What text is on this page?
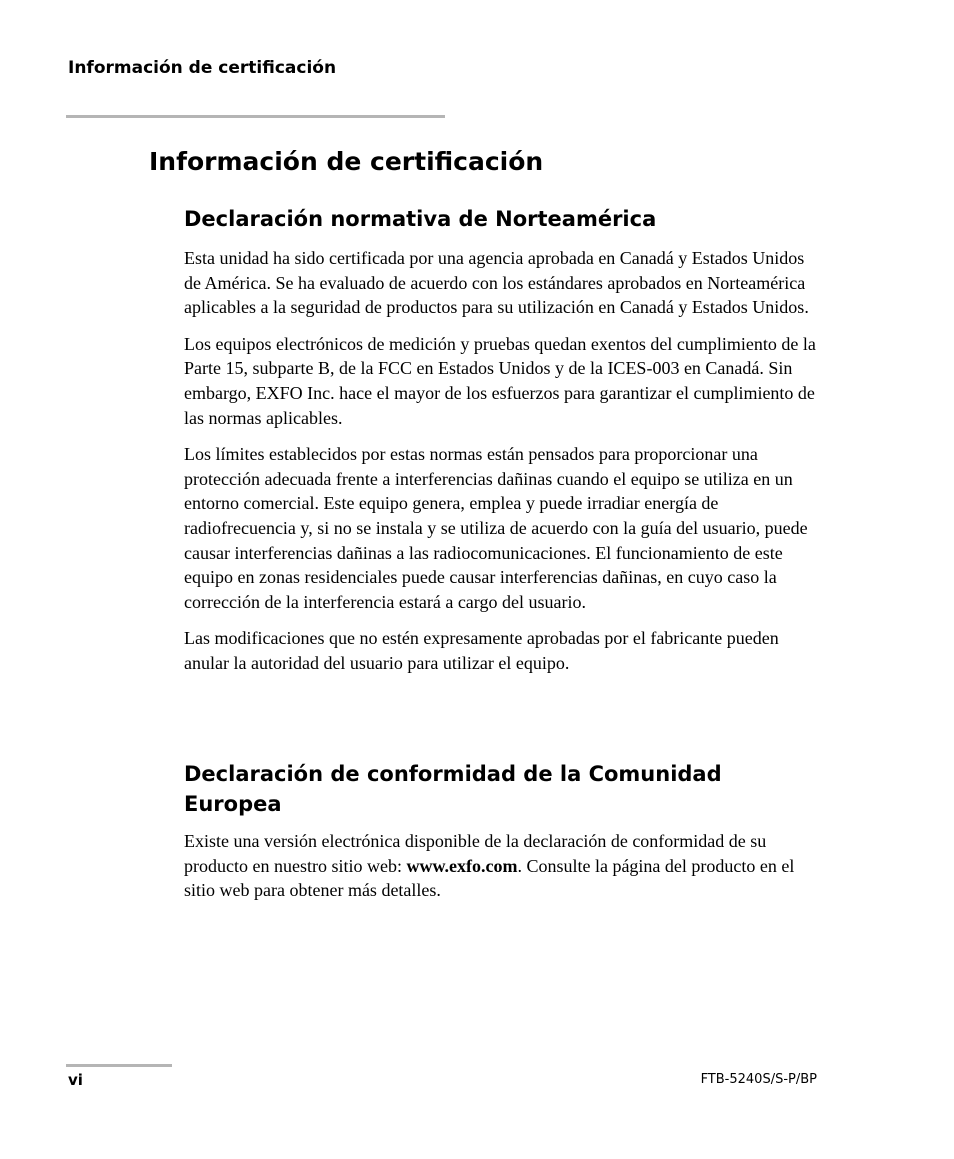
Información de certificación
Información de certificación
Declaración normativa de Norteamérica

Esta unidad ha sido certificada por una agencia aprobada en Canadá y Estados Unidos de América. Se ha evaluado de acuerdo con los estándares aprobados en Norteamérica aplicables a la seguridad de productos para su utilización en Canadá y Estados Unidos.

Los equipos electrónicos de medición y pruebas quedan exentos del cumplimiento de la Parte 15, subparte B, de la FCC en Estados Unidos y de la ICES-003 en Canadá. Sin embargo, EXFO Inc. hace el mayor de los esfuerzos para garantizar el cumplimiento de las normas aplicables.

Los límites establecidos por estas normas están pensados para proporcionar una protección adecuada frente a interferencias dañinas cuando el equipo se utiliza en un entorno comercial. Este equipo genera, emplea y puede irradiar energía de radiofrecuencia y, si no se instala y se utiliza de acuerdo con la guía del usuario, puede causar interferencias dañinas a las radiocomunicaciones. El funcionamiento de este equipo en zonas residenciales puede causar interferencias dañinas, en cuyo caso la corrección de la interferencia estará a cargo del usuario.

Las modificaciones que no estén expresamente aprobadas por el fabricante pueden anular la autoridad del usuario para utilizar el equipo.

Declaración de conformidad de la Comunidad Europea

Existe una versión electrónica disponible de la declaración de conformidad de su producto en nuestro sitio web: www.exfo.com. Consulte la página del producto en el sitio web para obtener más detalles.

vi	FTB-5240S/S-P/BP
